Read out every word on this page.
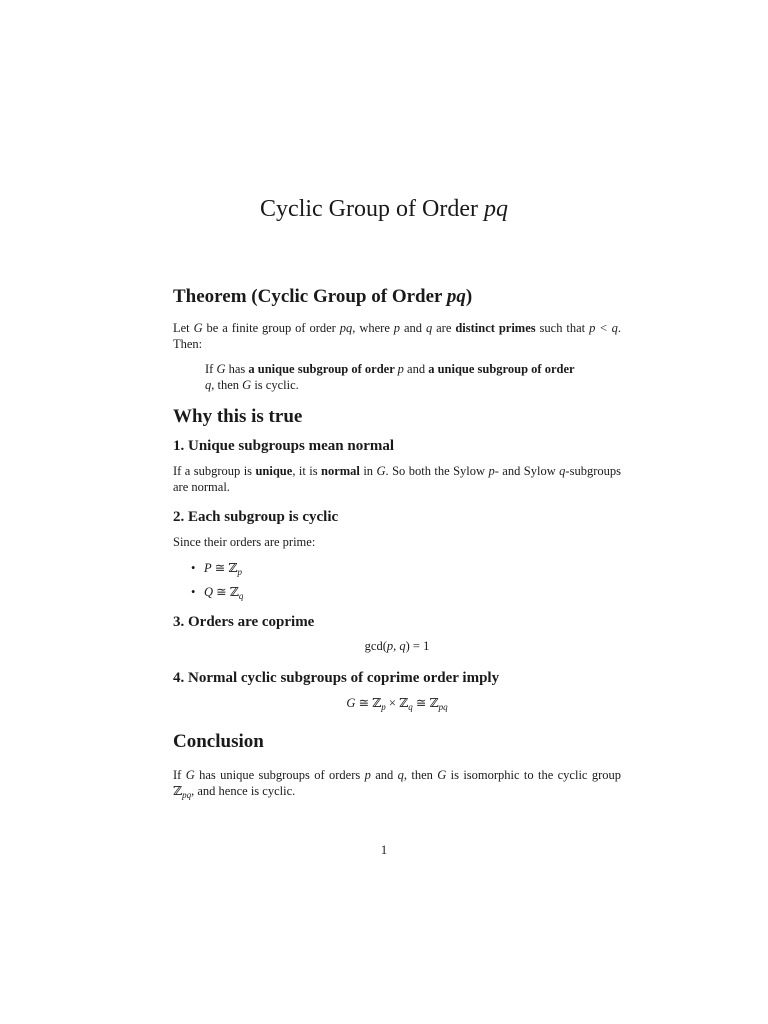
Cyclic Group of Order pq
Theorem (Cyclic Group of Order pq)

Let G be a finite group of order pq, where p and q are distinct primes such that p < q. Then:

If G has a unique subgroup of order p and a unique subgroup of order q, then G is cyclic.

Why this is true
1. Unique subgroups mean normal

If a subgroup is unique, it is normal in G. So both the Sylow p- and Sylow q-subgroups are normal.

2. Each subgroup is cyclic

Since their orders are prime:

• P ≅ ℤ$_p$
• Q ≅ ℤ$_q$
3. Orders are coprime
gcd(p, q) = 1
4. Normal cyclic subgroups of coprime order imply
G ≅ ℤ$_p$ × ℤ$_q$ ≅ ℤ$_{pq}$
Conclusion

If G has unique subgroups of orders p and q, then G is isomorphic to the cyclic group ℤ$_{pq}$, and hence is cyclic.

1
